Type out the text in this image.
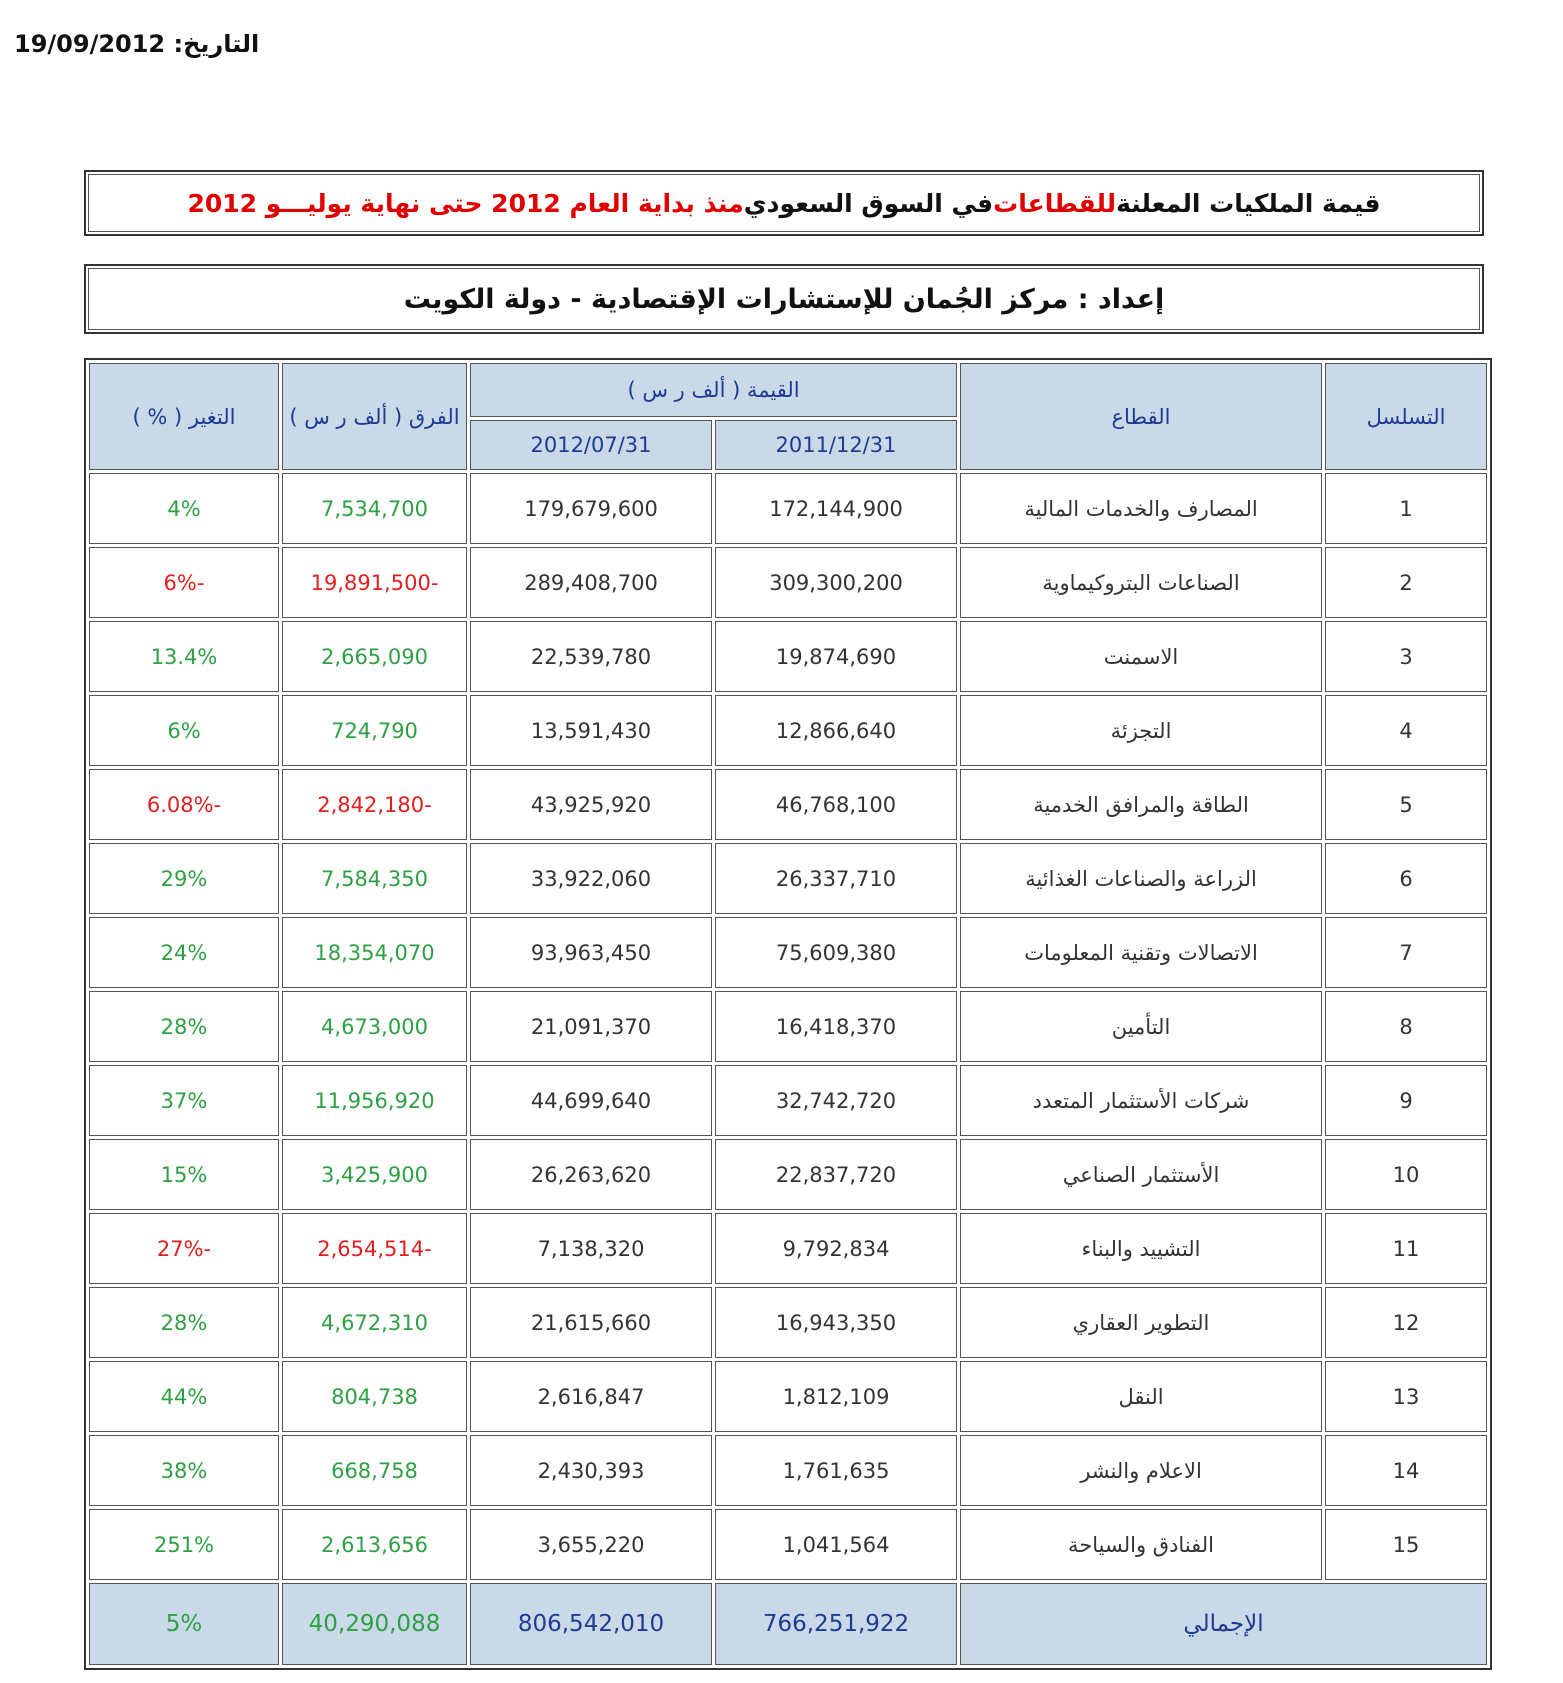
التاريخ: 19/09/2012
قيمة الملكيات المعلنة
للقطاعات
في السوق السعودي
منذ بداية العام 2012 حتى نهاية يوليـــو 2012
إعداد : مركز الجُمان للإستشارات الإقتصادية - دولة الكويت
التسلسل	القطاع	القيمة ( ألف ر س )		الفرق ( ألف ر س )	التغير ( % )
		2011/12/31	2012/07/31		
1	المصارف والخدمات المالية	172,144,900	179,679,600	7,534,700	4%
2	الصناعات البتروكيماوية	309,300,200	289,408,700	-19,891,500	-6%
3	الاسمنت	19,874,690	22,539,780	2,665,090	13.4%
4	التجزئة	12,866,640	13,591,430	724,790	6%
5	الطاقة والمرافق الخدمية	46,768,100	43,925,920	-2,842,180	-6.08%
6	الزراعة والصناعات الغذائية	26,337,710	33,922,060	7,584,350	29%
7	الاتصالات وتقنية المعلومات	75,609,380	93,963,450	18,354,070	24%
8	التأمين	16,418,370	21,091,370	4,673,000	28%
9	شركات الأستثمار المتعدد	32,742,720	44,699,640	11,956,920	37%
10	الأستثمار الصناعي	22,837,720	26,263,620	3,425,900	15%
11	التشييد والبناء	9,792,834	7,138,320	-2,654,514	-27%
12	التطوير العقاري	16,943,350	21,615,660	4,672,310	28%
13	النقل	1,812,109	2,616,847	804,738	44%
14	الاعلام والنشر	1,761,635	2,430,393	668,758	38%
15	الفنادق والسياحة	1,041,564	3,655,220	2,613,656	251%
الإجمالي		766,251,922	806,542,010	40,290,088	5%
